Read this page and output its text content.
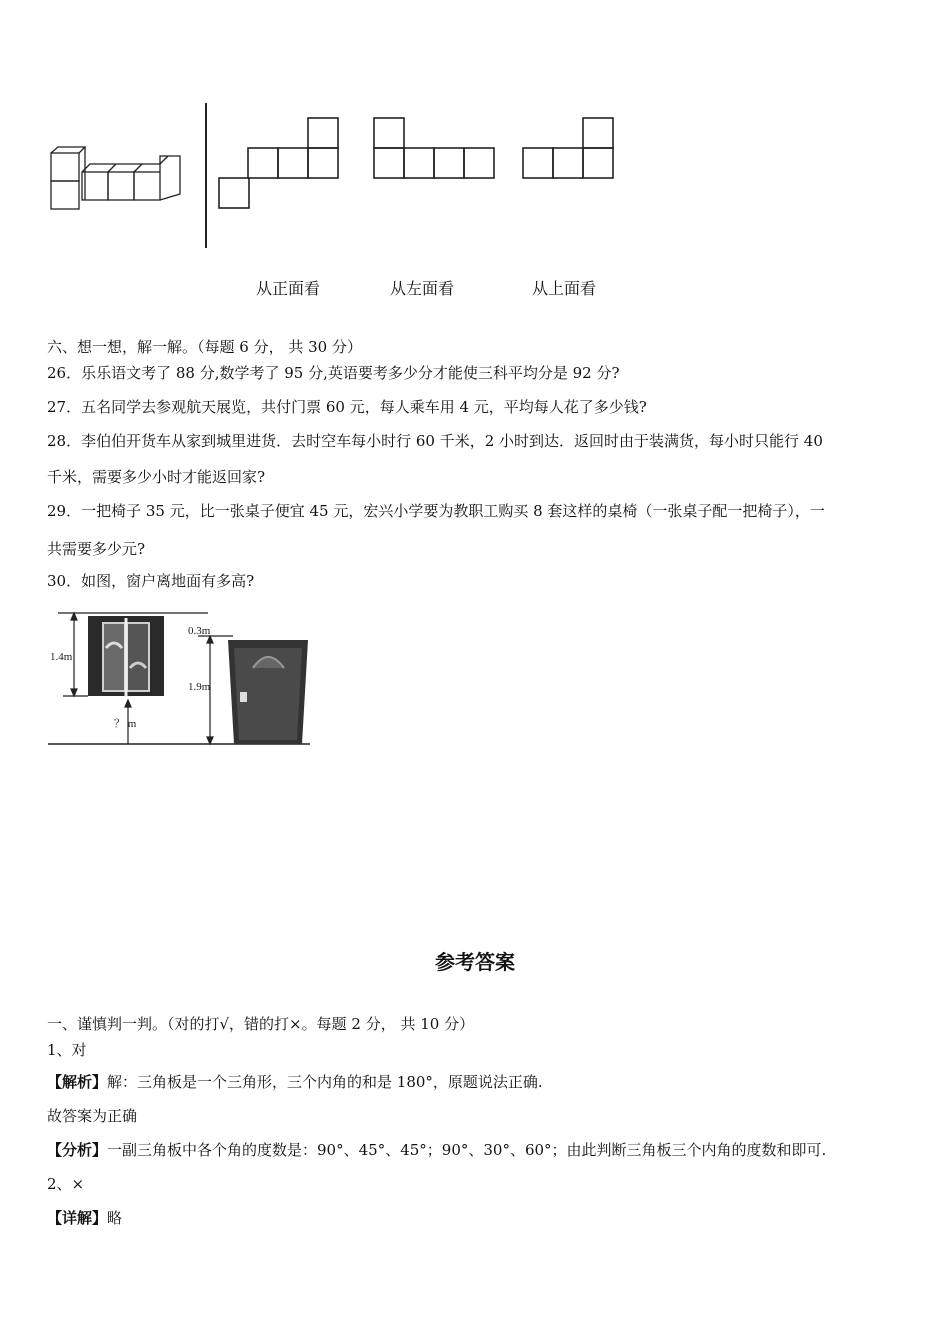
从正面看	从左面看	从上面看
六、想一想，解一解。（每题 6 分， 共 30 分）
26．乐乐语文考了 88 分,数学考了 95 分,英语要考多少分才能使三科平均分是 92 分?
27．五名同学去参观航天展览，共付门票 60 元，每人乘车用 4 元，平均每人花了多少钱?
28．李伯伯开货车从家到城里进货．去时空车每小时行 60 千米，2 小时到达．返回时由于装满货，每小时只能行 40
千米，需要多少小时才能返回家?
29．一把椅子 35 元，比一张桌子便宜 45 元，宏兴小学要为教职工购买 8 套这样的桌椅（一张桌子配一把椅子），一
共需要多少元?
30．如图，窗户离地面有多高?
1.4m
0.3m
1.9m
？ m
参考答案
一、谨慎判一判。（对的打√，错的打×。每题 2 分， 共 10 分）
1、对
【解析】解：三角板是一个三角形，三个内角的和是 180°，原题说法正确.
故答案为正确
【分析】一副三角板中各个角的度数是：90°、45°、45°；90°、30°、60°；由此判断三角板三个内角的度数和即可.
2、×
【详解】略
